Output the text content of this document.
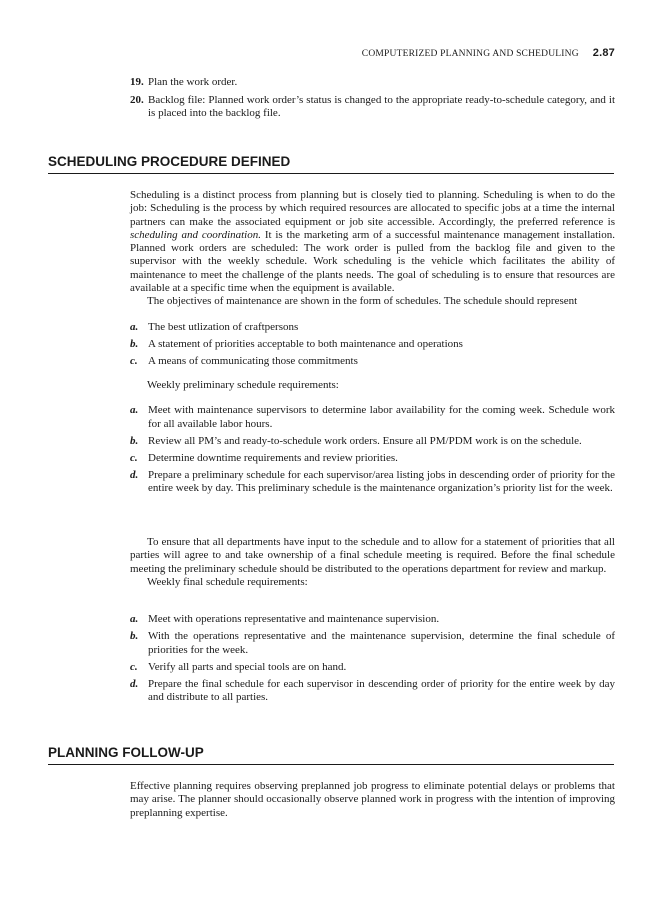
COMPUTERIZED PLANNING AND SCHEDULING 2.87
19. Plan the work order.
20. Backlog file: Planned work order’s status is changed to the appropriate ready-to-schedule category, and it is placed into the backlog file.
SCHEDULING PROCEDURE DEFINED
Scheduling is a distinct process from planning but is closely tied to planning. Scheduling is when to do the job: Scheduling is the process by which required resources are allocated to specific jobs at a time the internal partners can make the associated equipment or job site accessible. Accordingly, the preferred reference is scheduling and coordination. It is the marketing arm of a successful maintenance management installation. Planned work orders are scheduled: The work order is pulled from the backlog file and given to the supervisor with the weekly schedule. Work scheduling is the vehicle which facilitates the ability of maintenance to meet the challenge of the plants needs. The goal of scheduling is to ensure that resources are available at a specific time when the equipment is available.
The objectives of maintenance are shown in the form of schedules. The schedule should represent
a. The best utlization of craftpersons
b. A statement of priorities acceptable to both maintenance and operations
c. A means of communicating those commitments
Weekly preliminary schedule requirements:
a. Meet with maintenance supervisors to determine labor availability for the coming week. Schedule work for all available labor hours.
b. Review all PM’s and ready-to-schedule work orders. Ensure all PM/PDM work is on the schedule.
c. Determine downtime requirements and review priorities.
d. Prepare a preliminary schedule for each supervisor/area listing jobs in descending order of priority for the entire week by day. This preliminary schedule is the maintenance organization’s priority list for the week.
To ensure that all departments have input to the schedule and to allow for a statement of priorities that all parties will agree to and take ownership of a final schedule meeting is required. Before the final schedule meeting the preliminary schedule should be distributed to the operations department for review and markup.
Weekly final schedule requirements:
a. Meet with operations representative and maintenance supervision.
b. With the operations representative and the maintenance supervision, determine the final schedule of priorities for the week.
c. Verify all parts and special tools are on hand.
d. Prepare the final schedule for each supervisor in descending order of priority for the entire week by day and distribute to all parties.
PLANNING FOLLOW-UP
Effective planning requires observing preplanned job progress to eliminate potential delays or problems that may arise. The planner should occasionally observe planned work in progress with the intention of improving preplanning expertise.
